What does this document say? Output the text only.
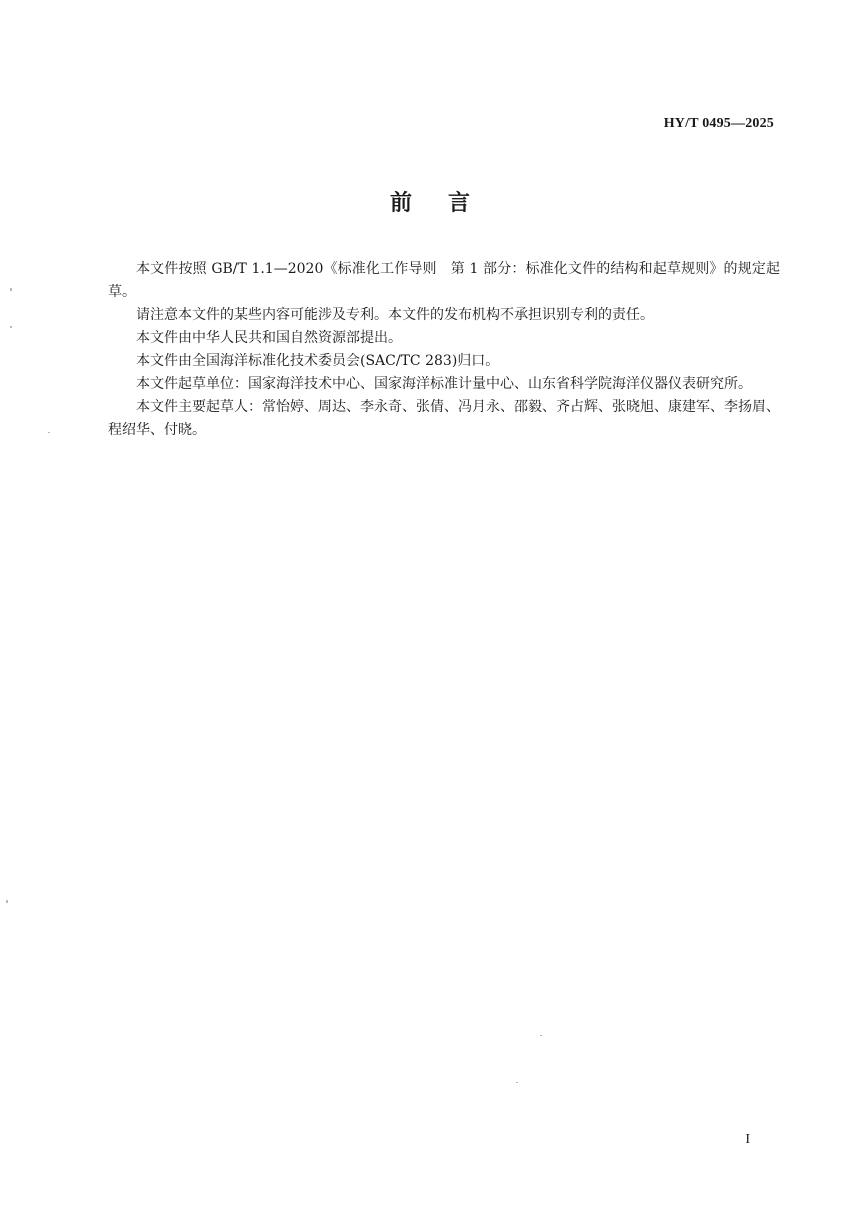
HY/T 0495—2025
前言

本文件按照 GB/T 1.1—2020《标准化工作导则　第 1 部分：标准化文件的结构和起草规则》的规定起草。

请注意本文件的某些内容可能涉及专利。本文件的发布机构不承担识别专利的责任。

本文件由中华人民共和国自然资源部提出。

本文件由全国海洋标准化技术委员会(SAC/TC 283)归口。

本文件起草单位：国家海洋技术中心、国家海洋标准计量中心、山东省科学院海洋仪器仪表研究所。

本文件主要起草人：常怡婷、周达、李永奇、张倩、冯月永、邵毅、齐占辉、张晓旭、康建军、李扬眉、程绍华、付晓。

I
